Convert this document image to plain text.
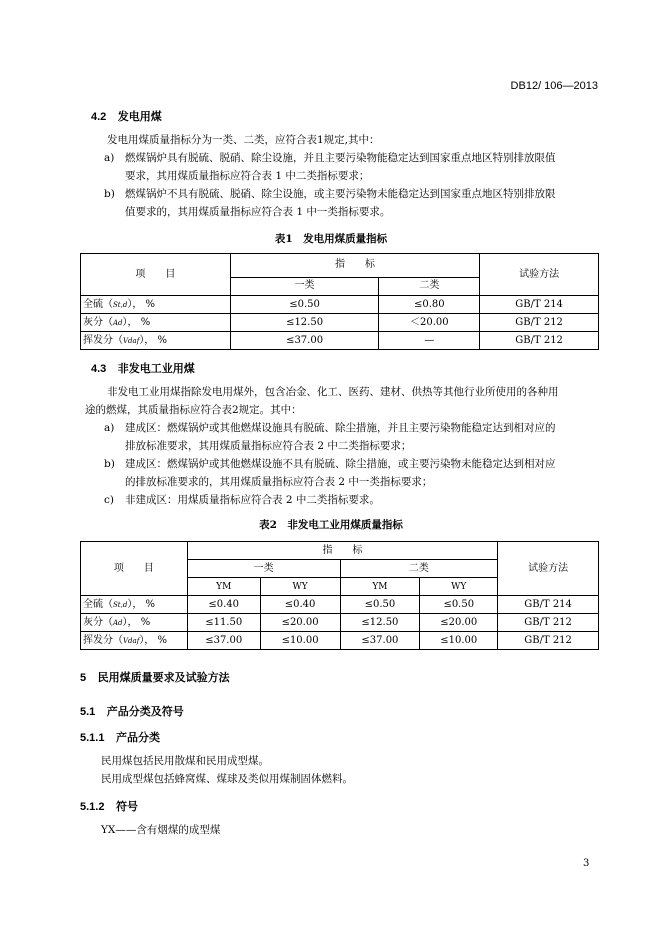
DB12/ 106—2013
4.2 发电用煤
发电用煤质量指标分为一类、二类，应符合表1规定,其中：
a) 燃煤锅炉具有脱硫、脱硝、除尘设施，并且主要污染物能稳定达到国家重点地区特别排放限值
要求，其用煤质量指标应符合表 1 中二类指标要求；
b) 燃煤锅炉不具有脱硫、脱硝、除尘设施，或主要污染物未能稳定达到国家重点地区特别排放限
值要求的，其用煤质量指标应符合表 1 中一类指标要求。
表1　发电用煤质量指标
项　　目	指　　标		试验方法
	一类	二类	
全硫（St,d）， %	≤0.50	≤0.80	GB/T 214
灰分（Ad）， %	≤12.50	＜20.00	GB/T 212
挥发分（Vdaf）， %	≤37.00	—	GB/T 212
4.3 非发电工业用煤
非发电工业用煤指除发电用煤外，包含冶金、化工、医药、建材、供热等其他行业所使用的各种用
途的燃煤，其质量指标应符合表2规定。其中：
a) 建成区：燃煤锅炉或其他燃煤设施具有脱硫、除尘措施，并且主要污染物能稳定达到相对应的
排放标准要求，其用煤质量指标应符合表 2 中二类指标要求；
b) 建成区：燃煤锅炉或其他燃煤设施不具有脱硫、除尘措施，或主要污染物未能稳定达到相对应
的排放标准要求的，其用煤质量指标应符合表 2 中一类指标要求；
c) 非建成区：用煤质量指标应符合表 2 中二类指标要求。
表2　非发电工业用煤质量指标
项　　目	指　　标				试验方法
	一类		二类		
	YM	WY	YM	WY	
全硫（St,d）， %	≤0.40	≤0.40	≤0.50	≤0.50	GB/T 214
灰分（Ad）， %	≤11.50	≤20.00	≤12.50	≤20.00	GB/T 212
挥发分（Vdaf）， %	≤37.00	≤10.00	≤37.00	≤10.00	GB/T 212
5 民用煤质量要求及试验方法
5.1 产品分类及符号
5.1.1 产品分类
民用煤包括民用散煤和民用成型煤。
民用成型煤包括蜂窝煤、煤球及类似用煤制固体燃料。
5.1.2 符号
YX——含有烟煤的成型煤
3
